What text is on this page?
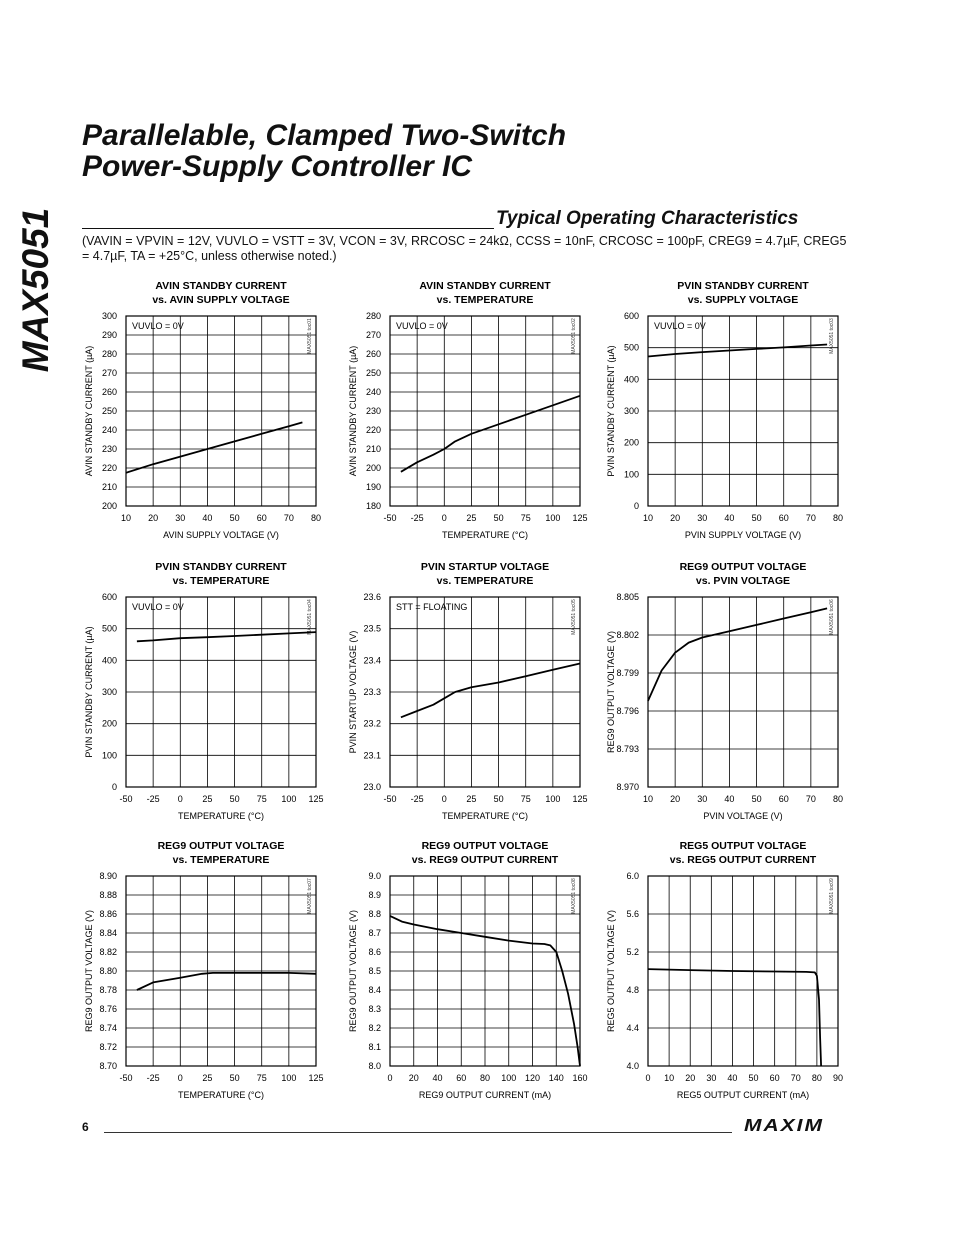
MAX5051
Parallelable, Clamped Two-Switch
Power-Supply Controller IC
Typical Operating Characteristics
(VAVIN = VPVIN = 12V, VUVLO = VSTT = 3V, VCON = 3V, RRCOSC = 24kΩ, CCSS = 10nF, CRCOSC = 100pF, CREG9 = 4.7µF, CREG5 = 4.7µF, TA = +25°C, unless otherwise noted.)
AVIN STANDBY CURRENT
vs. AVIN SUPPLY VOLTAGE
10 20 30 40 50 60 70 80
200
210
220
230
240
250
260
270
280
290
300
AVIN SUPPLY VOLTAGE (V)
AVIN STANDBY CURRENT (µA)
VUVLO = 0V	MAX5051 toc01
AVIN STANDBY CURRENT
vs. TEMPERATURE
-50 -25 0 25 50 75 100 125
180
190
200
210
220
230
240
250
260
270
280
TEMPERATURE (°C)
AVIN STANDBY CURRENT (µA)
VUVLO = 0V	MAX5051 toc02
PVIN STANDBY CURRENT
vs. SUPPLY VOLTAGE
10 20 30 40 50 60 70 80
0
100
200
300
400
500
600
PVIN SUPPLY VOLTAGE (V)
PVIN STANDBY CURRENT (µA)
VUVLO = 0V	MAX5051 toc03
PVIN STANDBY CURRENT
vs. TEMPERATURE
-50 -25 0 25 50 75 100 125
0
100
200
300
400
500
600
TEMPERATURE (°C)
PVIN STANDBY CURRENT (µA)
VUVLO = 0V	MAX5051 toc04
PVIN STARTUP VOLTAGE
vs. TEMPERATURE
-50 -25 0 25 50 75 100 125
23.0
23.1
23.2
23.3
23.4
23.5
23.6
TEMPERATURE (°C)
PVIN STARTUP VOLTAGE (V)
STT = FLOATING	MAX5051 toc05
REG9 OUTPUT VOLTAGE
vs. PVIN VOLTAGE
10 20 30 40 50 60 70 80
8.970
8.793
8.796
8.799
8.802
8.805
PVIN VOLTAGE (V)
REG9 OUTPUT VOLTAGE (V)
MAX5051 toc06
REG9 OUTPUT VOLTAGE
vs. TEMPERATURE
-50 -25 0 25 50 75 100 125
8.70
8.72
8.74
8.76
8.78
8.80
8.82
8.84
8.86
8.88
8.90
TEMPERATURE (°C)
REG9 OUTPUT VOLTAGE (V)
MAX5051 toc07
REG9 OUTPUT VOLTAGE
vs. REG9 OUTPUT CURRENT
0 20 40 60 80 100 120 140 160
8.0
8.1
8.2
8.3
8.4
8.5
8.6
8.7
8.8
8.9
9.0
REG9 OUTPUT CURRENT (mA)
REG9 OUTPUT VOLTAGE (V)
MAX5051 toc08
REG5 OUTPUT VOLTAGE
vs. REG5 OUTPUT CURRENT
0 10 20 30 40 50 60 70 80 90
4.0
4.4
4.8
5.2
5.6
6.0
REG5 OUTPUT CURRENT (mA)
REG5 OUTPUT VOLTAGE (V)
MAX5051 toc09
6	MAXIM
